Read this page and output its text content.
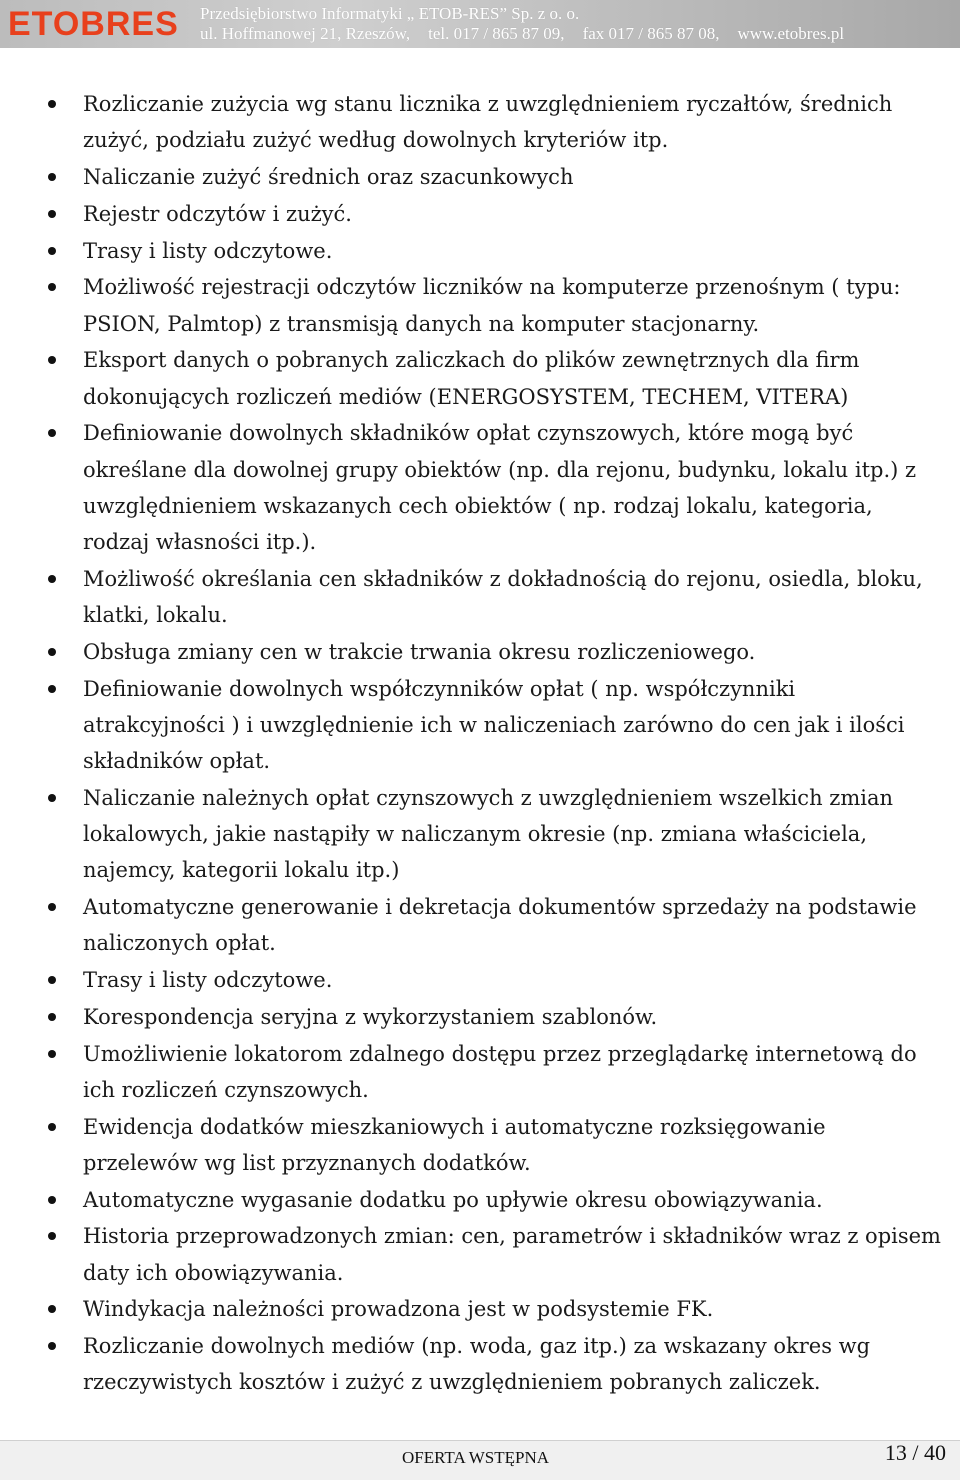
ETOBRES Przedsiębiorstwo Informatyki „ ETOB-RES” Sp. z o. o.
ul. Hoffmanowej 21, Rzeszów, tel. 017 / 865 87 09, fax 017 / 865 87 08, www.etobres.pl
Rozliczanie zużycia wg stanu licznika z uwzględnieniem ryczałtów, średnich zużyć, podziału zużyć według dowolnych kryteriów itp.
Naliczanie zużyć średnich oraz szacunkowych
Rejestr odczytów i zużyć.
Trasy i listy odczytowe.
Możliwość rejestracji odczytów liczników na komputerze przenośnym ( typu: PSION, Palmtop) z transmisją danych na komputer stacjonarny.
Eksport danych o pobranych zaliczkach do plików zewnętrznych dla firm dokonujących rozliczeń mediów (ENERGOSYSTEM, TECHEM, VITERA)
Definiowanie dowolnych składników opłat czynszowych, które mogą być określane dla dowolnej grupy obiektów (np. dla rejonu, budynku, lokalu itp.) z uwzględnieniem wskazanych cech obiektów ( np. rodzaj lokalu, kategoria, rodzaj własności itp.).
Możliwość określania cen składników z dokładnością do rejonu, osiedla, bloku, klatki, lokalu.
Obsługa zmiany cen w trakcie trwania okresu rozliczeniowego.
Definiowanie dowolnych współczynników opłat ( np. współczynniki atrakcyjności ) i uwzględnienie ich w naliczeniach zarówno do cen jak i ilości składników opłat.
Naliczanie należnych opłat czynszowych z uwzględnieniem wszelkich zmian lokalowych, jakie nastąpiły w naliczanym okresie (np. zmiana właściciela, najemcy, kategorii lokalu itp.)
Automatyczne generowanie i dekretacja dokumentów sprzedaży na podstawie naliczonych opłat.
Trasy i listy odczytowe.
Korespondencja seryjna z wykorzystaniem szablonów.
Umożliwienie lokatorom zdalnego dostępu przez przeglądarkę internetową do ich rozliczeń czynszowych.
Ewidencja dodatków mieszkaniowych i automatyczne rozksięgowanie przelewów wg list przyznanych dodatków.
Automatyczne wygasanie dodatku po upływie okresu obowiązywania.
Historia przeprowadzonych zmian: cen, parametrów i składników wraz z opisem daty ich obowiązywania.
Windykacja należności prowadzona jest w podsystemie FK.
Rozliczanie dowolnych mediów (np. woda, gaz itp.) za wskazany okres wg rzeczywistych kosztów i zużyć z uwzględnieniem pobranych zaliczek.
OFERTA WSTĘPNA	13 / 40
